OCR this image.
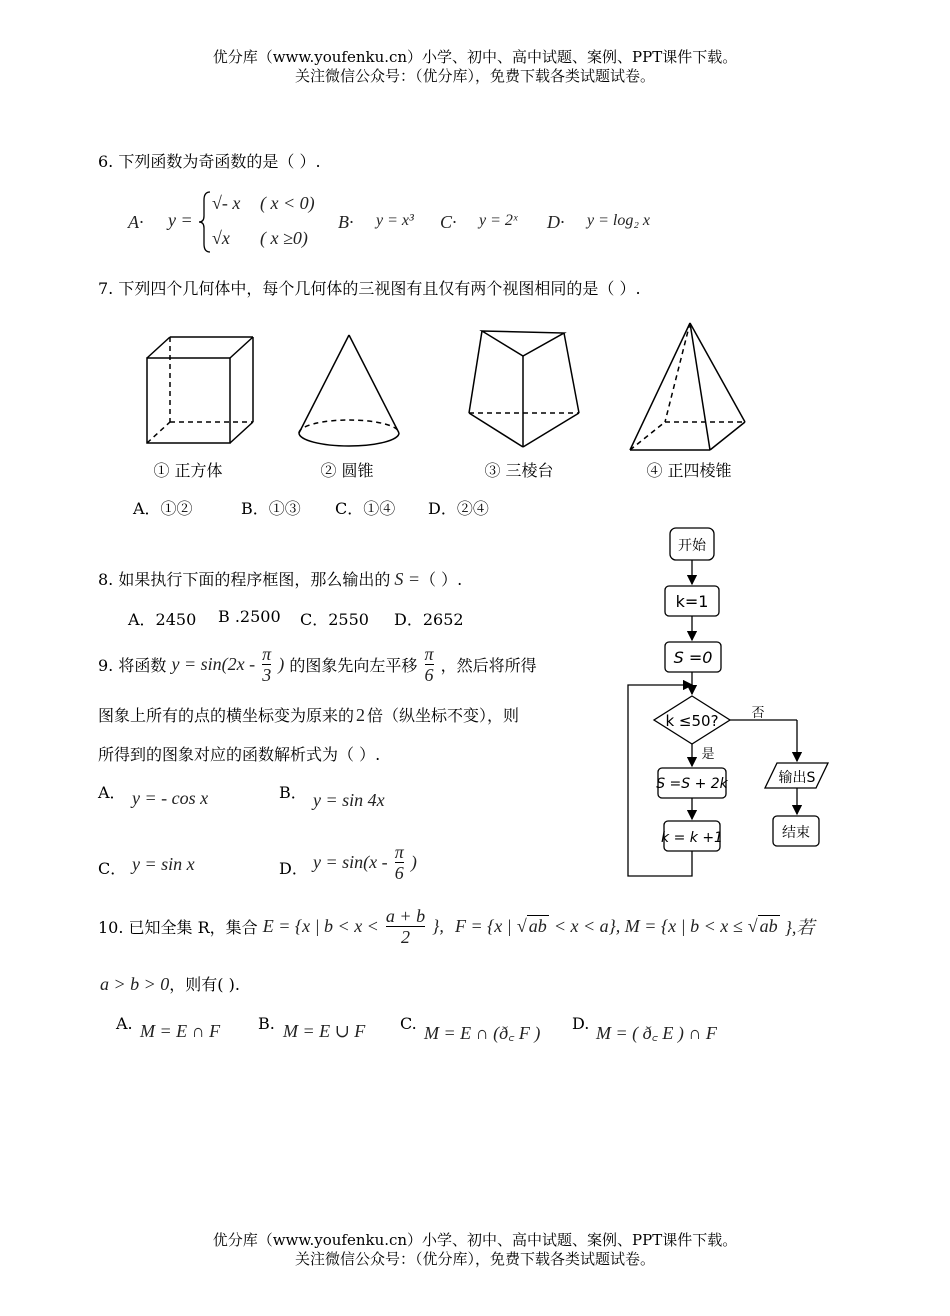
优分库（www.youfenku.cn）小学、初中、高中试题、案例、PPT课件下载。
关注微信公众号：（优分库），免费下载各类试题试卷。
6. 下列函数为奇函数的是（ ）.
A· y =
√- x ( x < 0)
√x ( x ≥0)
B· y = x³ C· y = 2ˣ D· y = log₂ x
7. 下列四个几何体中，每个几何体的三视图有且仅有两个视图相同的是（ ）.
① 正方体	② 圆锥	③ 三棱台	④ 正四棱锥
A．①②	B．①③ C．①④ D．②④
8. 如果执行下面的程序框图，那么输出的 S =（ ）.
A．2450 B .2500 C．2550 D．2652
开始
k=1
S =0
k ≤50?	否
是
S =S + 2k
k = k +1
输出S
结束
9. 将函数 $y = \sin(2x - \frac{\pi}{3}$ ) 的图象先向左平移 $\frac{\pi}{6}$ ，然后将所得
图象上所有的点的横坐标变为原来的 2 倍（纵坐标不变），则
所得到的图象对应的函数解析式为（ ）.
A． y = - cos x	B． y = sin 4x
C． y = sin x	D． $y = \sin(x - \frac{\pi}{6}$ )
10. 已知全集 R，集合 E = {x | $b < x < \frac{a + b}{2}$ }, F = {x | √ ab < x < a}, M = {x | b < x ≤ √ ab },若
a > b > 0，则有( ).
A. M = E ∩ F B. M = E ∪ F C. M = E ∩ (ð꜀ F ) D. M = ( ð꜀ E ) ∩ F
优分库（www.youfenku.cn）小学、初中、高中试题、案例、PPT课件下载。
关注微信公众号：（优分库），免费下载各类试题试卷。
